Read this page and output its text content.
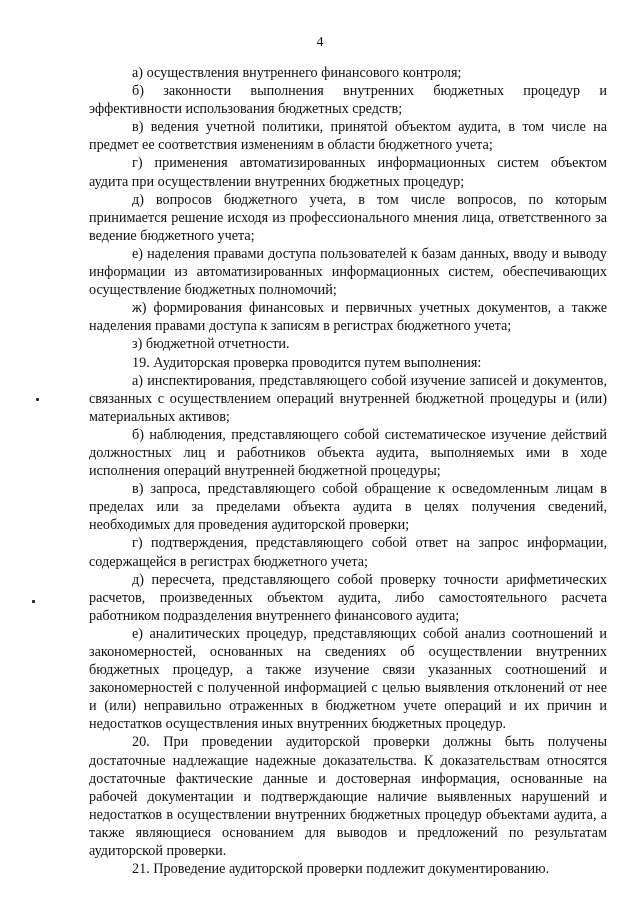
4

а) осуществления внутреннего финансового контроля;

б) законности выполнения внутренних бюджетных процедур и эффективности использования бюджетных средств;

в) ведения учетной политики, принятой объектом аудита, в том числе на предмет ее соответствия изменениям в области бюджетного учета;

г) применения автоматизированных информационных систем объектом аудита при осуществлении внутренних бюджетных процедур;

д) вопросов бюджетного учета, в том числе вопросов, по которым принимается решение исходя из профессионального мнения лица, ответственного за ведение бюджетного учета;

е) наделения правами доступа пользователей к базам данных, вводу и выводу информации из автоматизированных информационных систем, обеспечивающих осуществление бюджетных полномочий;

ж) формирования финансовых и первичных учетных документов, а также наделения правами доступа к записям в регистрах бюджетного учета;

з) бюджетной отчетности.

19. Аудиторская проверка проводится путем выполнения:

а) инспектирования, представляющего собой изучение записей и документов, связанных с осуществлением операций внутренней бюджетной процедуры и (или) материальных активов;

б) наблюдения, представляющего собой систематическое изучение действий должностных лиц и работников объекта аудита, выполняемых ими в ходе исполнения операций внутренней бюджетной процедуры;

в) запроса, представляющего собой обращение к осведомленным лицам в пределах или за пределами объекта аудита в целях получения сведений, необходимых для проведения аудиторской проверки;

г) подтверждения, представляющего собой ответ на запрос информации, содержащейся в регистрах бюджетного учета;

д) пересчета, представляющего собой проверку точности арифметических расчетов, произведенных объектом аудита, либо самостоятельного расчета работником подразделения внутреннего финансового аудита;

е) аналитических процедур, представляющих собой анализ соотношений и закономерностей, основанных на сведениях об осуществлении внутренних бюджетных процедур, а также изучение связи указанных соотношений и закономерностей с полученной информацией с целью выявления отклонений от нее и (или) неправильно отраженных в бюджетном учете операций и их причин и недостатков осуществления иных внутренних бюджетных процедур.

20. При проведении аудиторской проверки должны быть получены достаточные надлежащие надежные доказательства. К доказательствам относятся достаточные фактические данные и достоверная информация, основанные на рабочей документации и подтверждающие наличие выявленных нарушений и недостатков в осуществлении внутренних бюджетных процедур объектами аудита, а также являющиеся основанием для выводов и предложений по результатам аудиторской проверки.

21. Проведение аудиторской проверки подлежит документированию.
